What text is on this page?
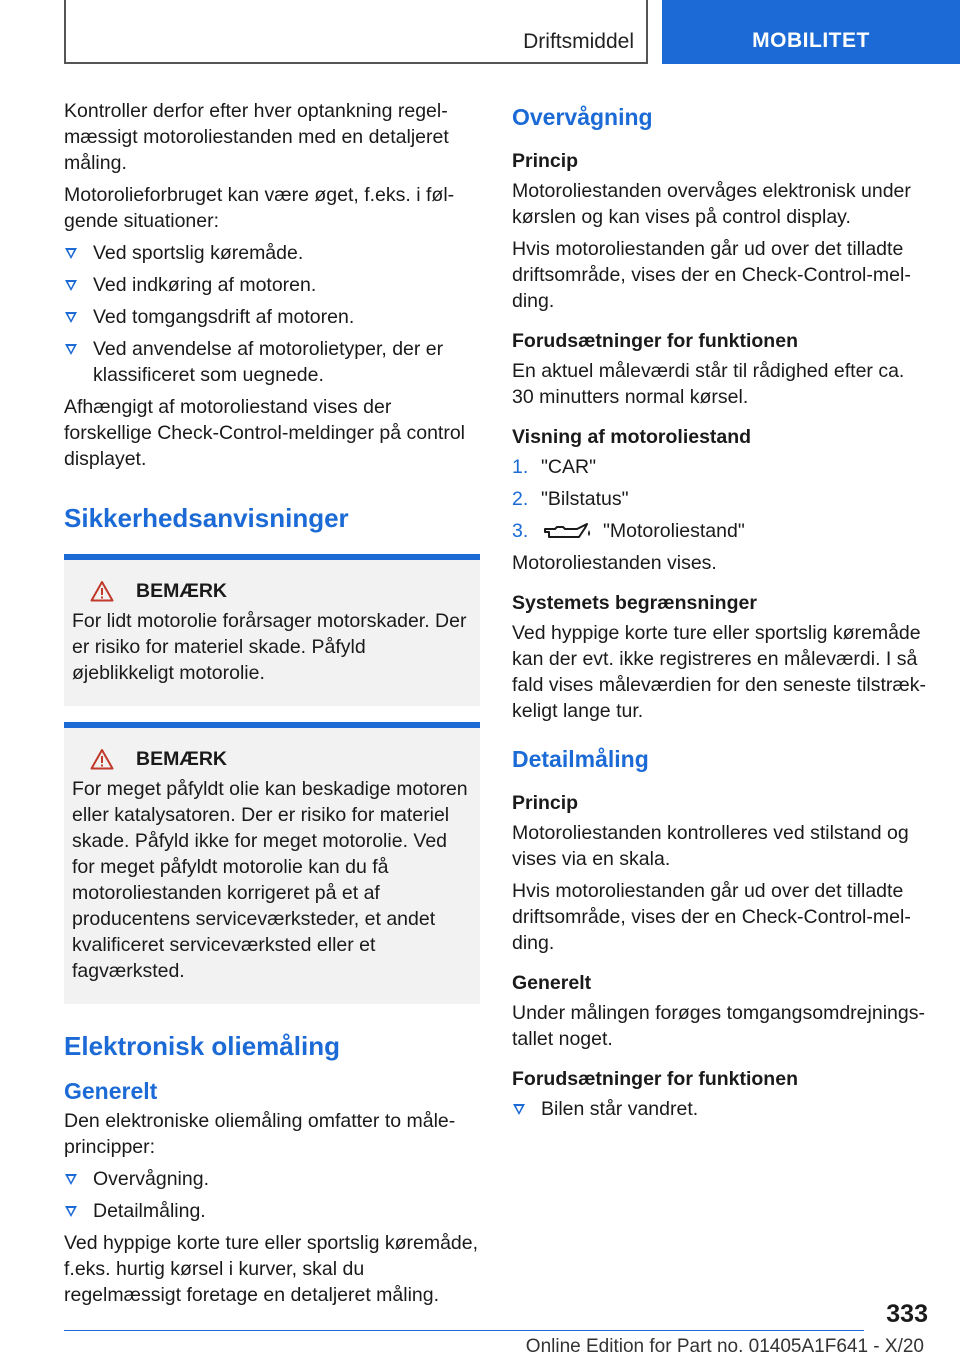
Driftsmiddel	MOBILITET

Kontroller derfor efter hver optankning regelmæssigt motoroliestanden med en detaljeret måling.

Motorolieforbruget kan være øget, f.eks. i følgende situationer:

Ved sportslig køremåde.
Ved indkøring af motoren.
Ved tomgangsdrift af motoren.
Ved anvendelse af motorolietyper, der er klassificeret som uegnede.

Afhængigt af motoroliestand vises der forskellige Check-Control-meldinger på control displayet.

Sikkerhedsanvisninger
BEMÆRK

For lidt motorolie forårsager motorskader. Der er risiko for materiel skade. Påfyld øjeblikkeligt motorolie.

BEMÆRK

For meget påfyldt olie kan beskadige motoren eller katalysatoren. Der er risiko for materiel skade. Påfyld ikke for meget motorolie. Ved for meget påfyldt motorolie kan du få motoroliestanden korrigeret på et af producentens serviceværksteder, et andet kvalificeret serviceværksted eller et fagværksted.

Elektronisk oliemåling
Generelt

Den elektroniske oliemåling omfatter to måleprincipper:

Overvågning.
Detailmåling.

Ved hyppige korte ture eller sportslig køremåde, f.eks. hurtig kørsel i kurver, skal du regelmæssigt foretage en detaljeret måling.

Overvågning
Princip

Motoroliestanden overvåges elektronisk under kørslen og kan vises på control display.

Hvis motoroliestanden går ud over det tilladte driftsområde, vises der en Check-Control-melding.

Forudsætninger for funktionen

En aktuel måleværdi står til rådighed efter ca. 30 minutters normal kørsel.

Visning af motoroliestand
1. "CAR"
2. "Bilstatus"
3.	"Motoroliestand"

Motoroliestanden vises.

Systemets begrænsninger

Ved hyppige korte ture eller sportslig køremåde kan der evt. ikke registreres en måleværdi. I så fald vises måleværdien for den seneste tilstrækkeligt lange tur.

Detailmåling
Princip

Motoroliestanden kontrolleres ved stilstand og vises via en skala.

Hvis motoroliestanden går ud over det tilladte driftsområde, vises der en Check-Control-melding.

Generelt

Under målingen forøges tomgangsomdrejningstallet noget.

Forudsætninger for funktionen
Bilen står vandret.
333
Online Edition for Part no. 01405A1F641 - X/20
